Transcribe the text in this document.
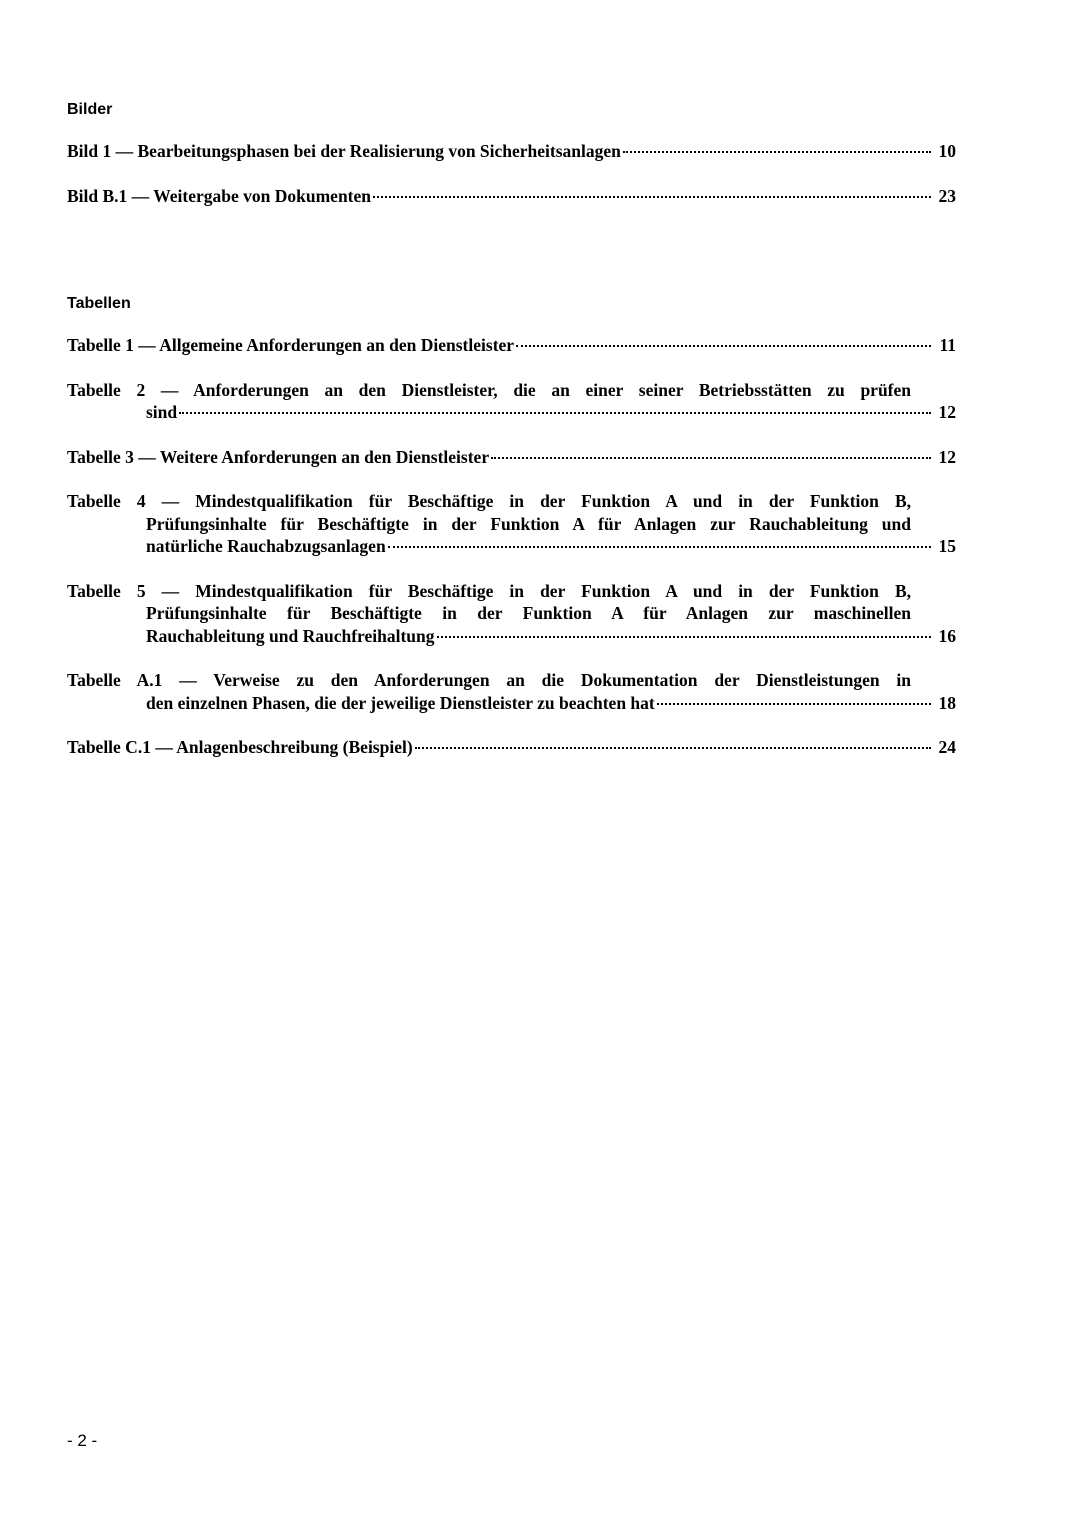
Bilder
Bild 1 — Bearbeitungsphasen bei der Realisierung von Sicherheitsanlagen	10
Bild B.1 — Weitergabe von Dokumenten	23
Tabellen
Tabelle 1 — Allgemeine Anforderungen an den Dienstleister	11
Tabelle 2 — Anforderungen an den Dienstleister, die an einer seiner Betriebsstätten zu prüfen
sind	12
Tabelle 3 — Weitere Anforderungen an den Dienstleister	12
Tabelle 4 — Mindestqualifikation für Beschäftige in der Funktion A und in der Funktion B,
Prüfungsinhalte für Beschäftigte in der Funktion A für Anlagen zur Rauchableitung und
natürliche Rauchabzugsanlagen	15
Tabelle 5 — Mindestqualifikation für Beschäftige in der Funktion A und in der Funktion B,
Prüfungsinhalte für Beschäftigte in der Funktion A für Anlagen zur maschinellen
Rauchableitung und Rauchfreihaltung	16
Tabelle A.1 — Verweise zu den Anforderungen an die Dokumentation der Dienstleistungen in
den einzelnen Phasen, die der jeweilige Dienstleister zu beachten hat	18
Tabelle C.1 — Anlagenbeschreibung (Beispiel)	24
- 2 -
